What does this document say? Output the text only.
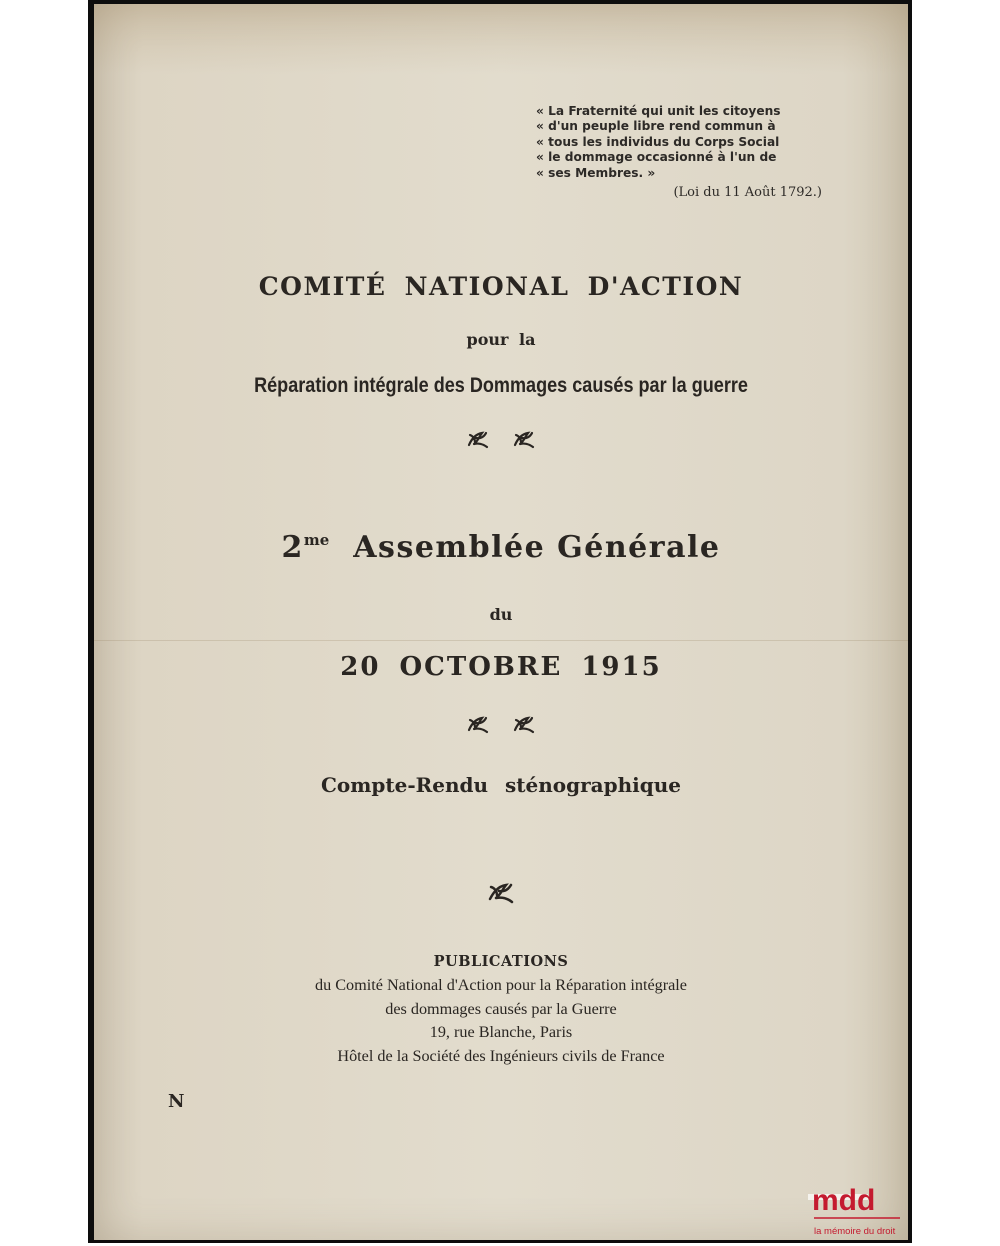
« La Fraternité qui unit les citoyens
« d'un peuple libre rend commun à
« tous les individus du Corps Social
« le dommage occasionné à l'un de
« ses Membres. »
(Loi du 11 Août 1792.)
COMITÉ NATIONAL D'ACTION
pour la
Réparation intégrale des Dommages causés par la guerre
$2^{me}$ Assemblée Générale
du
20 OCTOBRE 1915
Compte-Rendu sténographique
PUBLICATIONS
du Comité National d'Action pour la Réparation intégrale
des dommages causés par la Guerre
19, rue Blanche, Paris
Hôtel de la Société des Ingénieurs civils de France
N
mdd
la mémoire du droit
